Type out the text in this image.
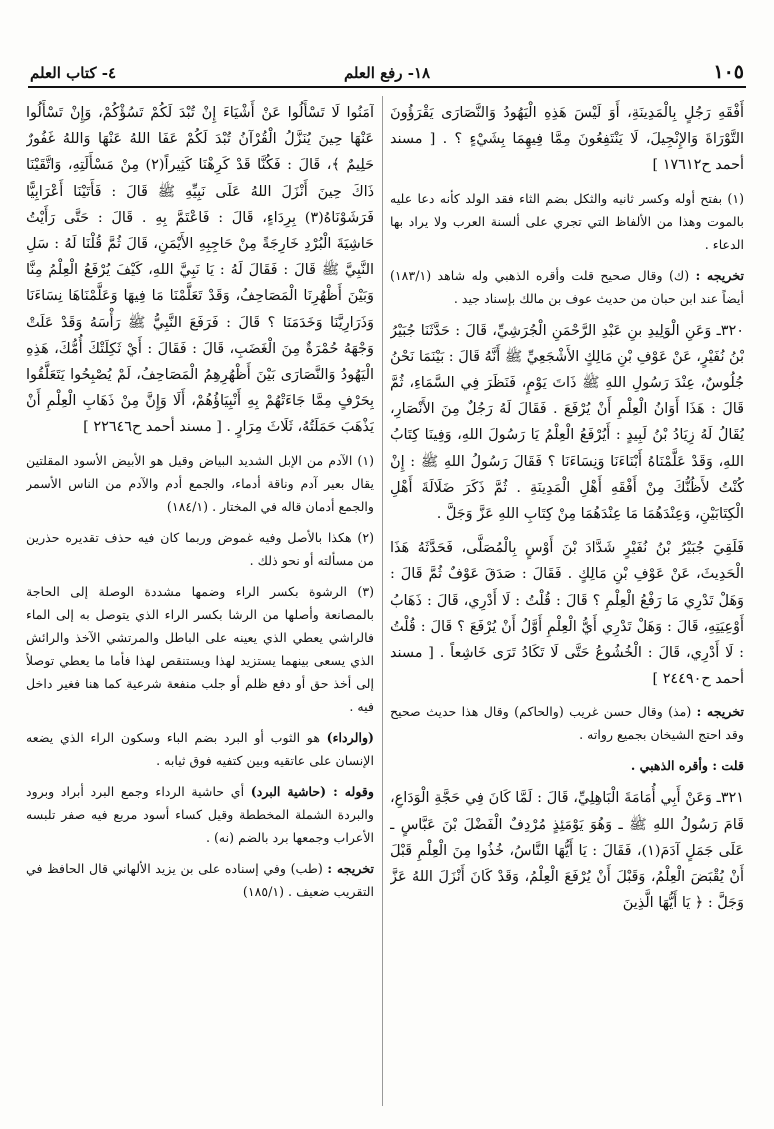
٤- كتاب العلم	١٨- رفع العلم	١٠٥

أَفْقَهِ رَجُلٍ بِالْمَدِينَةِ، أَوَ لَيْسَ هَذِهِ الْيَهُودُ وَالنَّصَارَى يَقْرَؤُونَ التَّوْرَاةَ وَالإِنْجِيلَ، لَا يَنْتَفِعُونَ مِمَّا فِيهِمَا بِشَيْءٍ ؟ . [ مسند أحمد ح١٧٦١٢ ]

(١) بفتح أوله وكسر ثانيه والثكل بضم الثاء فقد الولد كأنه دعا عليه بالموت وهذا من الألفاظ التي تجري على ألسنة العرب ولا يراد بها الدعاء .

تخريجه : (ك) وقال صحيح قلت وأقره الذهبي وله شاهد (١٨٣/١) أيضاً عند ابن حبان من حديث عوف بن مالك بإسناد جيد .

٣٢٠ـ وَعَنِ الْوَلِيدِ بنِ عَبْدِ الرَّحْمَنِ الْجُرَشِيِّ، قَالَ : حَدَّثَنَا جُبَيْرُ بْنُ نُفَيْرٍ، عَنْ عَوْفِ بْنِ مَالِكٍ الأَشْجَعِيِّ ﷺ أَنَّهُ قَالَ : بَيْنَمَا نَحْنُ جُلُوسٌ، عِنْدَ رَسُولِ اللهِ ﷺ ذَاتَ يَوْمٍ، فَنَظَرَ فِي السَّمَاءِ، ثُمَّ قَالَ : هَذَا أَوَانُ الْعِلْمِ أَنْ يُرْفَعَ . فَقَالَ لَهُ رَجُلٌ مِنَ الأَنْصَارِ، يُقَالُ لَهُ زِيَادُ بْنُ لَبِيدٍ : أَيُرْفَعُ الْعِلْمُ يَا رَسُولَ اللهِ، وَفِينَا كِتَابُ اللهِ، وَقَدْ عَلَّمْنَاهُ أَبْنَاءَنَا وَنِسَاءَنَا ؟ فَقَالَ رَسُولُ اللهِ ﷺ : إِنْ كُنْتُ لأَظُنُّكَ مِنْ أَفْقَهِ أَهْلِ الْمَدِينَةِ . ثُمَّ ذَكَرَ ضَلَالَةَ أَهْلِ الْكِتَابَيْنِ، وَعِنْدَهُمَا مَا عِنْدَهُمَا مِنْ كِتَابِ اللهِ عَزَّ وَجَلَّ .

فَلَقِيَ جُبَيْرُ بْنُ نُفَيْرٍ شَدَّادَ بْنَ أَوْسٍ بِالْمُصَلَّى، فَحَدَّثَهُ هَذَا الْحَدِيثَ، عَنْ عَوْفِ بْنِ مَالِكٍ . فَقَالَ : صَدَقَ عَوْفٌ ثُمَّ قَالَ : وَهَلْ تَدْرِي مَا رَفْعُ الْعِلْمِ ؟ قَالَ : قُلْتُ : لَا أَدْرِي، قَالَ : ذَهَابُ أَوْعِيَتِهِ، قَالَ : وَهَلْ تَدْرِي أَيُّ الْعِلْمِ أَوَّلُ أَنْ يُرْفَعَ ؟ قَالَ : قُلْتُ : لَا أَدْرِي، قَالَ : الْخُشُوعُ حَتَّى لَا تَكَادُ تَرَى خَاشِعاً . [ مسند أحمد ح٢٤٤٩٠ ]

تخريجه : (مذ) وقال حسن غريب (والحاكم) وقال هذا حديث صحيح وقد احتج الشيخان بجميع رواته .

قلت : وأقره الذهبي .

٣٢١ـ وَعَنْ أَبِي أُمَامَةَ الْبَاهِلِيِّ، قَالَ : لَمَّا كَانَ فِي حَجَّةِ الْوَدَاعِ، قَامَ رَسُولُ اللهِ ﷺ ـ وَهُوَ يَوْمَئِذٍ مُرْدِفٌ الْفَضْلَ بْنَ عَبَّاسٍ ـ عَلَى جَمَلٍ آدَمَ(١)، فَقَالَ : يَا أَيُّهَا النَّاسُ، خُذُوا مِنَ الْعِلْمِ قَبْلَ أَنْ يُقْبَضَ الْعِلْمُ، وَقَبْلَ أَنْ يُرْفَعَ الْعِلْمُ، وَقَدْ كَانَ أَنْزَلَ اللهُ عَزَّ وَجَلَّ : ﴿ يَا أَيُّهَا الَّذِينَ

آمَنُوا لَا تَسْأَلُوا عَنْ أَشْيَاءَ إِنْ تُبْدَ لَكُمْ تَسُؤْكُمْ، وَإِنْ تَسْأَلُوا عَنْهَا حِينَ يُنَزَّلُ الْقُرْآنُ تُبْدَ لَكُمْ عَفَا اللهُ عَنْهَا وَاللهُ غَفُورٌ حَلِيمٌ ﴾، قَالَ : فَكُنَّا قَدْ كَرِهْنَا كَثِيراً(٢) مِنْ مَسْأَلَتِهِ، وَاتَّقَيْنَا ذَاكَ حِينَ أَنْزَلَ اللهُ عَلَى نَبِيِّهِ ﷺ قَالَ : فَأَتَيْنَا أَعْرَابِيًّا فَرَشَوْنَاهُ(٣) بِرِدَاءٍ، قَالَ : فَاعْتَمَّ بِهِ . قَالَ : حَتَّى رَأَيْتُ حَاشِيَةَ الْبُرْدِ خَارِجَةً مِنْ حَاجِبِهِ الأَيْمَنِ، قَالَ ثُمَّ قُلْنَا لَهُ : سَلِ النَّبِيَّ ﷺ قَالَ : فَقَالَ لَهُ : يَا نَبِيَّ اللهِ، كَيْفَ يُرْفَعُ الْعِلْمُ مِنَّا وَبَيْنَ أَظْهُرِنَا الْمَصَاحِفُ، وَقَدْ تَعَلَّمْنَا مَا فِيهَا وَعَلَّمْنَاهَا نِسَاءَنَا وَذَرَارِيَّنَا وَخَدَمَنَا ؟ قَالَ : فَرَفَعَ النَّبِيُّ ﷺ رَأْسَهُ وَقَدْ عَلَتْ وَجْهَهُ حُمْرَةٌ مِنَ الْغَضَبِ، قَالَ : فَقَالَ : أَيْ ثَكِلَتْكَ أُمُّكَ، هَذِهِ الْيَهُودُ وَالنَّصَارَى بَيْنَ أَظْهُرِهِمُ الْمَصَاحِفُ، لَمْ يُصْبِحُوا يَتَعَلَّقُوا بِحَرْفٍ مِمَّا جَاءَتْهُمْ بِهِ أَنْبِيَاؤُهُمْ، أَلَا وَإِنَّ مِنْ ذَهَابِ الْعِلْمِ أَنْ يَذْهَبَ حَمَلَتُهُ، ثَلَاثَ مِرَارٍ . [ مسند أحمد ح٢٢٦٤٦ ]

(١) الآدم من الإبل الشديد البياض وقيل هو الأبيض الأسود المقلتين يقال بعير آدم وناقة أدماء، والجمع أدم والآدم من الناس الأسمر والجمع أدمان قاله في المختار . (١٨٤/١)

(٢) هكذا بالأصل وفيه غموض وربما كان فيه حذف تقديره حذرين من مسألته أو نحو ذلك .

(٣) الرشوة بكسر الراء وضمها مشددة الوصلة إلى الحاجة بالمصانعة وأصلها من الرشا بكسر الراء الذي يتوصل به إلى الماء فالراشي يعطي الذي يعينه على الباطل والمرتشي الآخذ والرائش الذي يسعى بينهما يستزيد لهذا ويستنقص لهذا فأما ما يعطي توصلاً إلى أخذ حق أو دفع ظلم أو جلب منفعة شرعية كما هنا فغير داخل فيه .

(والرداء) هو الثوب أو البرد بضم الباء وسكون الراء الذي يضعه الإنسان على عاتقيه وبين كتفيه فوق ثيابه .

وقوله : (حاشية البرد) أي حاشية الرداء وجمع البرد أبراد وبرود والبردة الشملة المخططة وقيل كساء أسود مربع فيه صفر تلبسه الأعراب وجمعها برد بالضم (نه) .

تخريجه : (طب) وفي إسناده على بن يزيد الألهاني قال الحافظ في التقريب ضعيف . (١٨٥/١)
